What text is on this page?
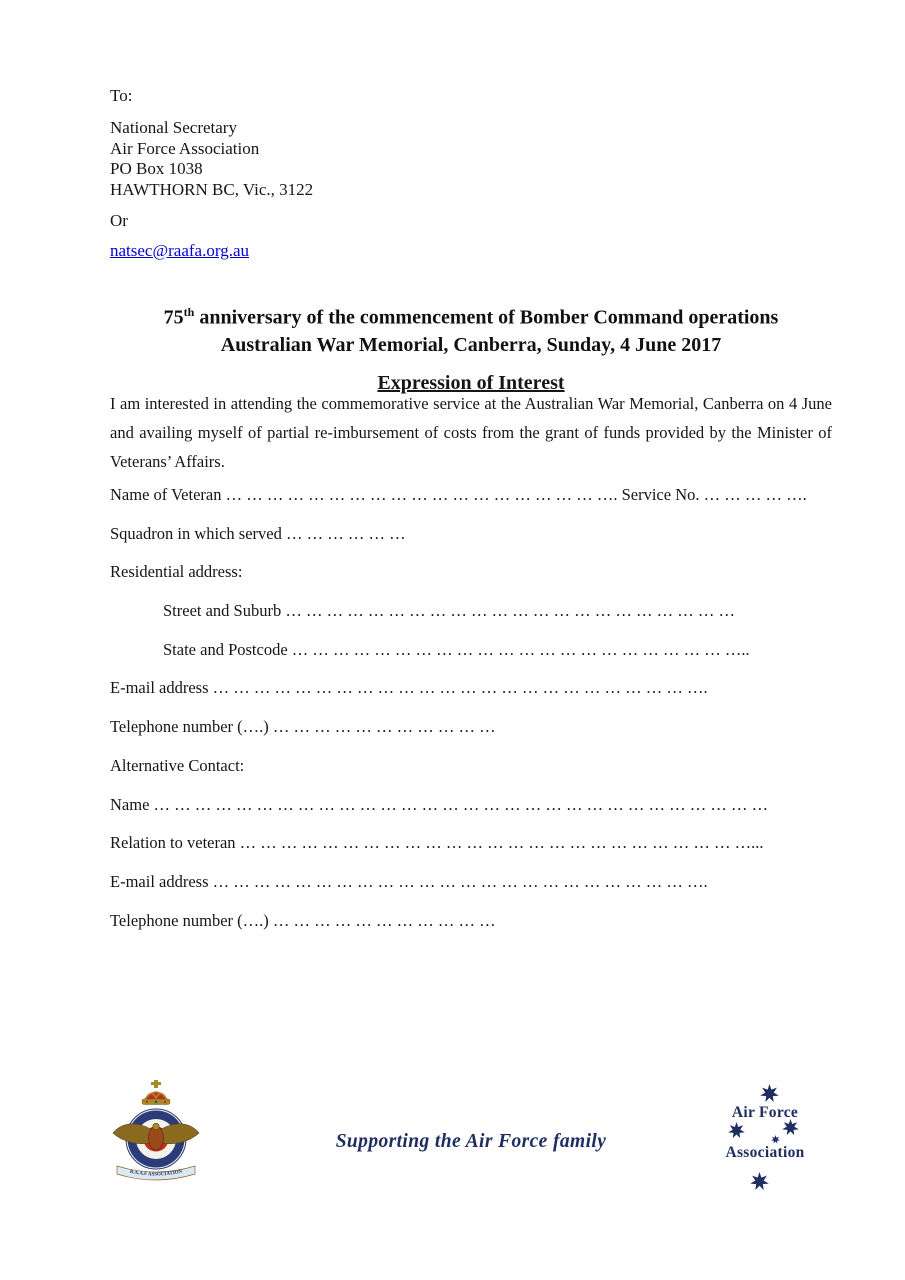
To:
National Secretary
Air Force Association
PO Box 1038
HAWTHORN BC, Vic., 3122
Or
natsec@raafa.org.au
75th anniversary of the commencement of Bomber Command operations
Australian War Memorial, Canberra, Sunday, 4 June 2017
Expression of Interest
I am interested in attending the commemorative service at the Australian War Memorial, Canberra on 4 June and availing myself of partial re-imbursement of costs from the grant of funds provided by the Minister of Veterans’ Affairs.
Name of Veteran … … … … … … … … … … … … … … … … … … …. Service No. … … … … ….
Squadron in which served … … … … … …
Residential address:
Street and Suburb … … … … … … … … … … … … … … … … … … … … … …
State and Postcode … … … … … … … … … … … … … … … … … … … … … …..
E-mail address … … … … … … … … … … … … … … … … … … … … … … … ….
Telephone number (….) … … … … … … … … … … …
Alternative Contact:
Name … … … … … … … … … … … … … … … … … … … … … … … … … … … … … …
Relation to veteran … … … … … … … … … … … … … … … … … … … … … … … … …...
E-mail address … … … … … … … … … … … … … … … … … … … … … … … ….
Telephone number (….) … … … … … … … … … … …
R.A.A.F ASSOCIATION
Supporting the Air Force family
Air Force
Association
